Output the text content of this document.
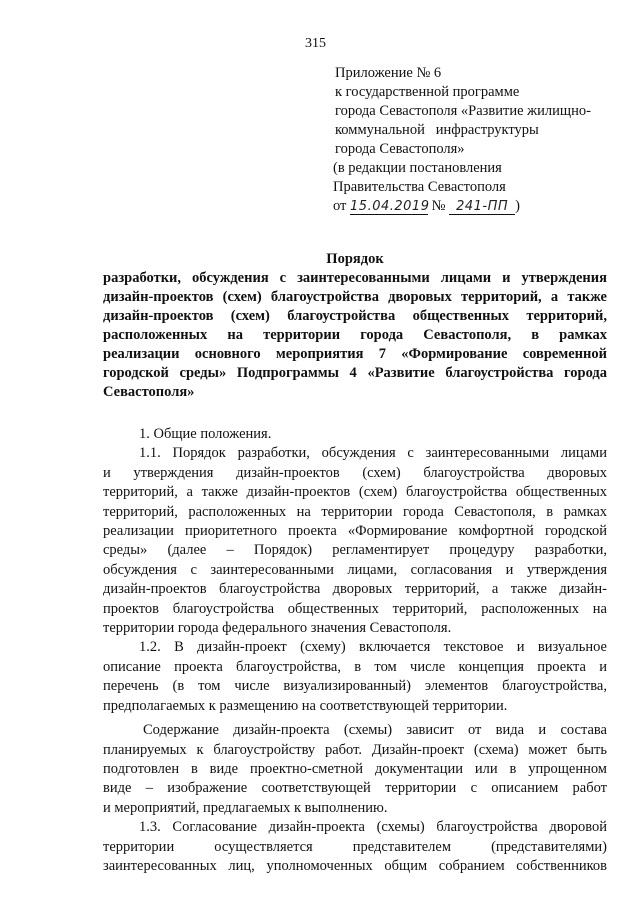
315
Приложение № 6
к государственной программе
города Севастополя «Развитие жилищно-
коммунальной   инфраструктуры
города Севастополя»
(в редакции постановления
Правительства Севастополя
от 15.04.2019 № 241-ПП )
Порядок
разработки, обсуждения с заинтересованными лицами и утверждения
дизайн-проектов (схем) благоустройства дворовых территорий, а также
дизайн-проектов (схем) благоустройства общественных территорий,
расположенных на территории города Севастополя, в рамках
реализации основного мероприятия 7 «Формирование современной
городской среды» Подпрограммы 4 «Развитие благоустройства города
Севастополя»
1. Общие положения.
1.1. Порядок разработки, обсуждения с заинтересованными лицами
и утверждения дизайн-проектов (схем) благоустройства дворовых
территорий, а также дизайн-проектов (схем) благоустройства общественных
территорий, расположенных на территории города Севастополя, в рамках
реализации приоритетного проекта «Формирование комфортной городской
среды» (далее – Порядок) регламентирует процедуру разработки,
обсуждения с заинтересованными лицами, согласования и утверждения
дизайн-проектов благоустройства дворовых территорий, а также дизайн-
проектов благоустройства общественных территорий, расположенных на
территории города федерального значения Севастополя.
1.2. В дизайн-проект (схему) включается текстовое и визуальное
описание проекта благоустройства, в том числе концепция проекта и
перечень (в том числе визуализированный) элементов благоустройства,
предполагаемых к размещению на соответствующей территории.
Содержание дизайн-проекта (схемы) зависит от вида и состава
планируемых к благоустройству работ. Дизайн-проект (схема) может быть
подготовлен в виде проектно-сметной документации или в упрощенном
виде – изображение соответствующей территории с описанием работ
и мероприятий, предлагаемых к выполнению.
1.3. Согласование дизайн-проекта (схемы) благоустройства дворовой
территории осуществляется представителем (представителями)
заинтересованных лиц, уполномоченных общим собранием собственников
